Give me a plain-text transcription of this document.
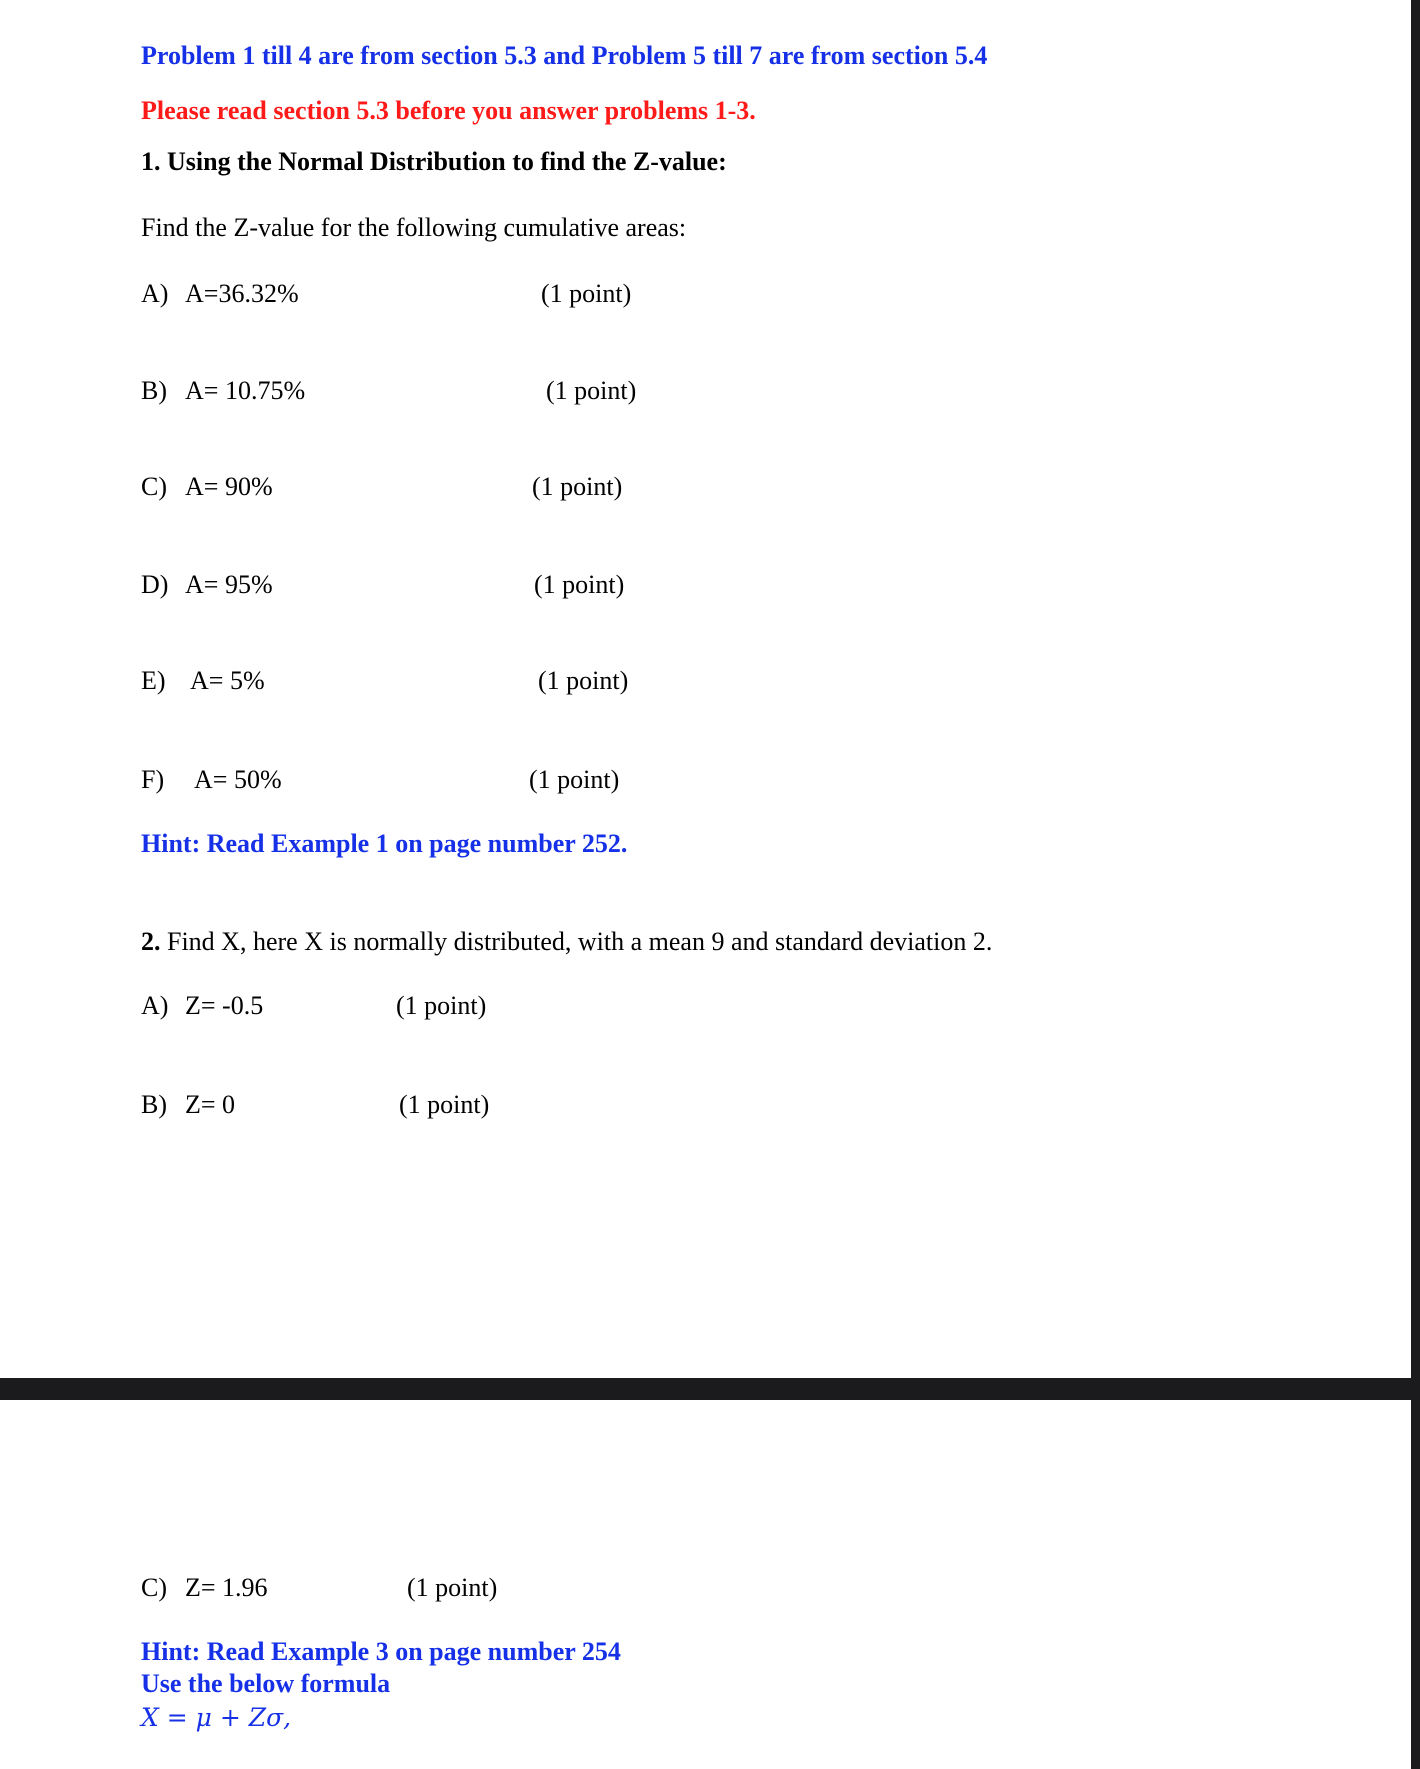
Problem 1 till 4 are from section 5.3 and Problem 5 till 7 are from section 5.4
Please read section 5.3 before you answer problems 1-3.
1. Using the Normal Distribution to find the Z-value:
Find the Z-value for the following cumulative areas:
A) A=36.32%	(1 point)
B) A= 10.75%	(1 point)
C) A= 90%	(1 point)
D) A= 95%	(1 point)
E) A= 5%	(1 point)
F) A= 50%	(1 point)
Hint: Read Example 1 on page number 252.
2. Find X, here X is normally distributed, with a mean 9 and standard deviation 2.
A) Z= -0.5	(1 point)
B) Z= 0	(1 point)
C) Z= 1.96	(1 point)
Hint: Read Example 3 on page number 254
Use the below formula
X = μ + Zσ,
